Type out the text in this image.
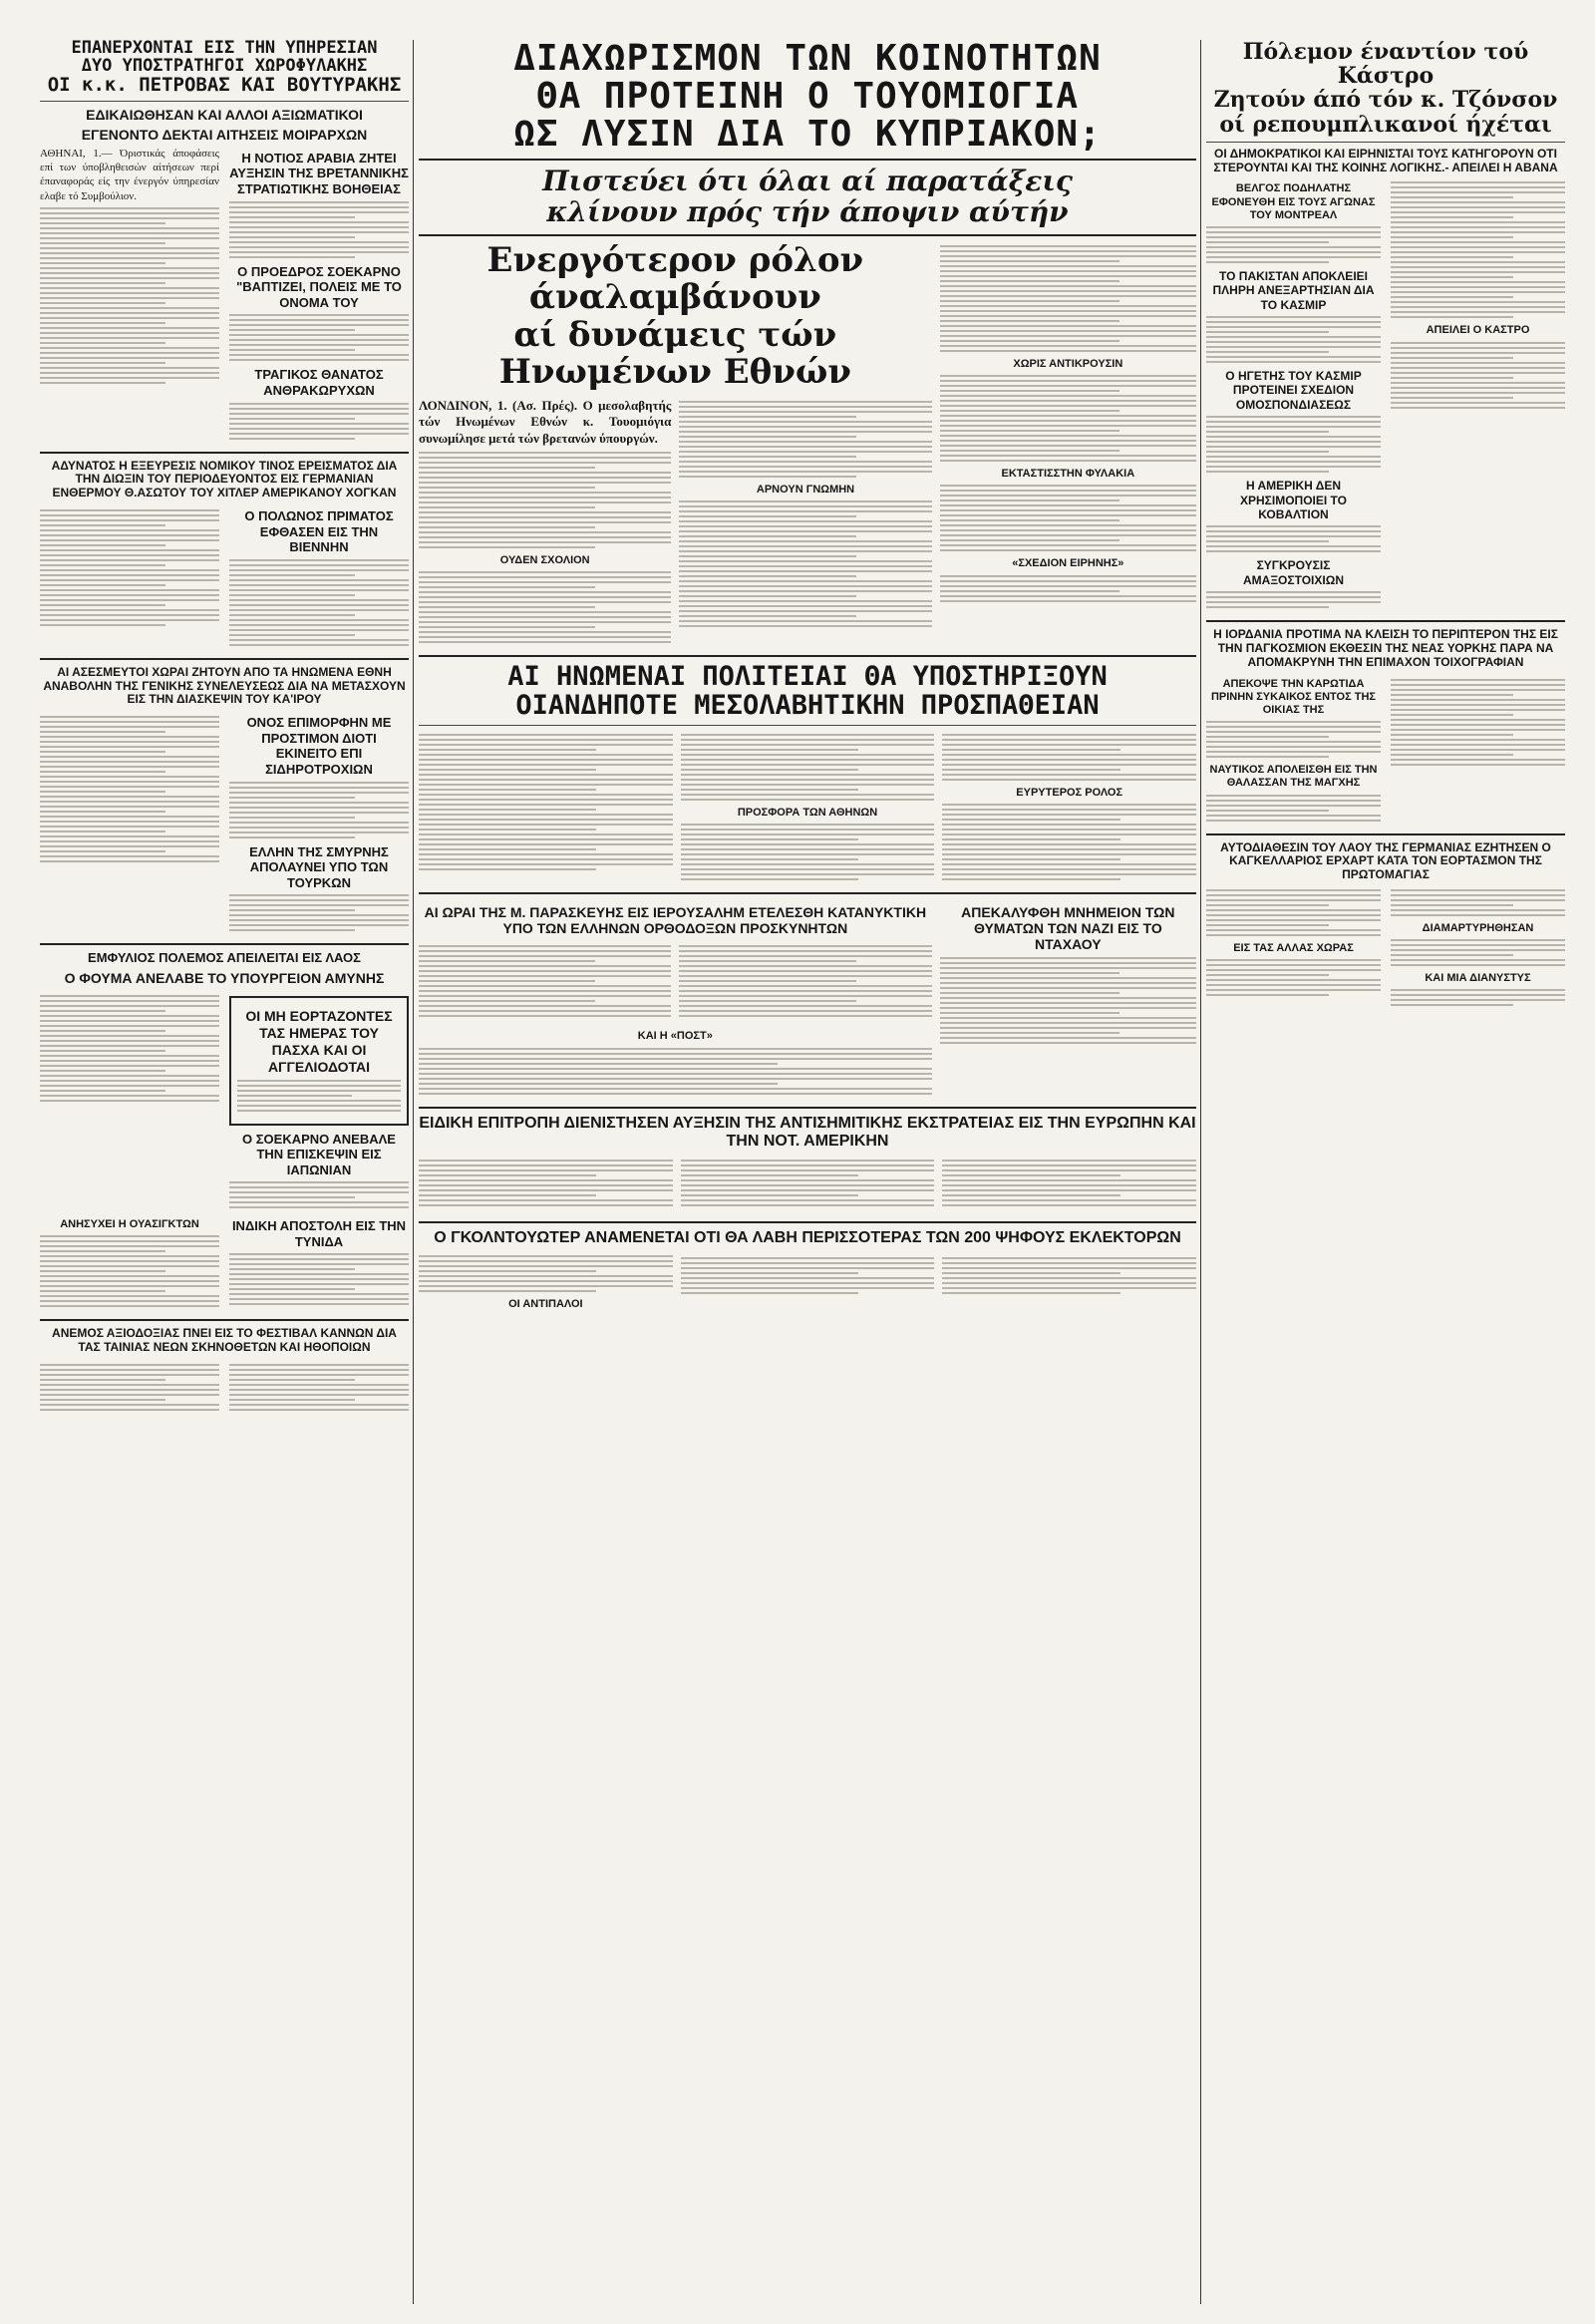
ΕΠΑΝΕΡΧΟΝΤΑΙ ΕΙΣ ΤΗΝ ΥΠΗΡΕΣΙΑΝ

ΔΥΟ ΥΠΟΣΤΡΑΤΗΓΟΙ ΧΩΡΟΦΥΛΑΚΗΣ

ΟΙ κ.κ. ΠΕΤΡΟΒΑΣ ΚΑΙ ΒΟΥΤΥΡΑΚΗΣ

ΕΔΙΚΑΙΩΘΗΣΑΝ ΚΑΙ ΑΛΛΟΙ ΑΞΙΩΜΑΤΙΚΟΙ

ΕΓΕΝΟΝΤΟ ΔΕΚΤΑΙ ΑΙΤΗΣΕΙΣ ΜΟΙΡΑΡΧΩΝ

ΑΘΗΝΑΙ, 1.— Όριστικάς άποφάσεις επί των ύποβληθεισών αίτήσεων περί έπαναφοράς είς την ένεργόν ύπηρεσίαν ελαβε τό Συμβούλιον.

Η ΝΟΤΙΟΣ ΑΡΑΒΙΑ ΖΗΤΕΙ ΑΥΞΗΣΙΝ ΤΗΣ ΒΡΕΤΑΝΝΙΚΗΣ ΣΤΡΑΤΙΩΤΙΚΗΣ ΒΟΗΘΕΙΑΣ

Ο ΠΡΟΕΔΡΟΣ ΣΟΕΚΑΡΝΟ "ΒΑΠΤΙΖΕΙ, ΠΟΛΕΙΣ ΜΕ ΤΟ ΟΝΟΜΑ ΤΟΥ

ΤΡΑΓΙΚΟΣ ΘΑΝΑΤΟΣ ΑΝΘΡΑΚΩΡΥΧΩΝ

ΑΔΥΝΑΤΟΣ Η ΕΞΕΥΡΕΣΙΣ ΝΟΜΙΚΟΥ ΤΙΝΟΣ ΕΡΕΙΣΜΑΤΟΣ ΔΙΑ ΤΗΝ ΔΙΩΞΙΝ ΤΟΥ ΠΕΡΙΟΔΕΥΟΝΤΟΣ ΕΙΣ ΓΕΡΜΑΝΙΑΝ ΕΝΘΕΡΜΟΥ Θ.ΑΣΩΤΟΥ ΤΟΥ ΧΙΤΛΕΡ ΑΜΕΡΙΚΑΝΟΥ ΧΟΓΚΑΝ

Ο ΠΟΛΩΝΟΣ ΠΡΙΜΑΤΟΣ ΕΦΘΑΣΕΝ ΕΙΣ ΤΗΝ ΒΙΕΝΝΗΝ

ΑΙ ΑΣΕΣΜΕΥΤΟΙ ΧΩΡΑΙ ΖΗΤΟΥΝ ΑΠΟ ΤΑ ΗΝΩΜΕΝΑ ΕΘΝΗ ΑΝΑΒΟΛΗΝ ΤΗΣ ΓΕΝΙΚΗΣ ΣΥΝΕΛΕΥΣΕΩΣ ΔΙΑ ΝΑ ΜΕΤΑΣΧΟΥΝ ΕΙΣ ΤΗΝ ΔΙΑΣΚΕΨΙΝ ΤΟΥ ΚΑ'ΙΡΟΥ

ΟΝΟΣ ΕΠΙΜΟΡΦΗΝ ΜΕ ΠΡΟΣΤΙΜΟΝ ΔΙΟΤΙ ΕΚΙΝΕΙΤΟ ΕΠΙ ΣΙΔΗΡΟΤΡΟΧΙΩΝ

ΕΛΛΗΝ ΤΗΣ ΣΜΥΡΝΗΣ ΑΠΟΛΑΥΝΕΙ ΥΠΟ ΤΩΝ ΤΟΥΡΚΩΝ

ΕΜΦΥΛΙΟΣ ΠΟΛΕΜΟΣ ΑΠΕΙΛΕΙΤΑΙ ΕΙΣ ΛΑΟΣ

Ο ΦΟΥΜΑ ΑΝΕΛΑΒΕ ΤΟ ΥΠΟΥΡΓΕΙΟΝ ΑΜΥΝΗΣ

ΟΙ ΜΗ ΕΟΡΤΑΖΟΝΤΕΣ ΤΑΣ ΗΜΕΡΑΣ ΤΟΥ ΠΑΣΧΑ ΚΑΙ ΟΙ ΑΓΓΕΛΙΟΔΟΤΑΙ

Ο ΣΟΕΚΑΡΝΟ ΑΝΕΒΑΛΕ ΤΗΝ ΕΠΙΣΚΕΨΙΝ ΕΙΣ ΙΑΠΩΝΙΑΝ

ΑΝΗΣΥΧΕΙ Η ΟΥΑΣΙΓΚΤΩΝ	ΙΝΔΙΚΗ ΑΠΟΣΤΟΛΗ ΕΙΣ ΤΗΝ ΤΥΝΙΔΑ

ΑΝΕΜΟΣ ΑΞΙΟΔΟΞΙΑΣ ΠΝΕΙ ΕΙΣ ΤΟ ΦΕΣΤΙΒΑΛ ΚΑΝΝΩΝ ΔΙΑ ΤΑΣ ΤΑΙΝΙΑΣ ΝΕΩΝ ΣΚΗΝΟΘΕΤΩΝ ΚΑΙ ΗΘΟΠΟΙΩΝ

ΔΙΑΧΩΡΙΣΜΟΝ ΤΩΝ ΚΟΙΝΟΤΗΤΩΝ

ΘΑ ΠΡΟΤΕΙΝΗ Ο ΤΟΥΟΜΙΟΓΙΑ

ΩΣ ΛΥΣΙΝ ΔΙΑ ΤΟ ΚΥΠΡΙΑΚΟΝ;

Πιστεύει ότι όλαι αί παρατάξεις

κλίνουν πρός τήν άποψιν αύτήν

Ενεργότερον ρόλον άναλαμβάνουν

αί δυνάμεις τών Ηνωμένων Εθνών

ΛΟΝΔΙΝΟΝ, 1. (Ασ. Πρές). Ο μεσολαβητής τών Ηνωμένων Εθνών κ. Τουομιόγια συνωμίλησε μετά τών βρετανών ύπουργών.

ΟΥΔΕΝ ΣΧΟΛΙΟΝ

ΑΡΝΟΥΝ ΓΝΩΜΗΝ

ΧΩΡΙΣ ΑΝΤΙΚΡΟΥΣΙΝ

ΕΚΤΑΣΤΙΣΣΤΗΝ ΦΥΛΑΚΙΑ

«ΣΧΕΔΙΟΝ ΕΙΡΗΝΗΣ»

ΑΙ ΗΝΩΜΕΝΑΙ ΠΟΛΙΤΕΙΑΙ ΘΑ ΥΠΟΣΤΗΡΙΞΟΥΝ

ΟΙΑΝΔΗΠΟΤΕ ΜΕΣΟΛΑΒΗΤΙΚΗΝ ΠΡΟΣΠΑΘΕΙΑΝ

ΠΡΟΣΦΟΡΑ ΤΩΝ ΑΘΗΝΩΝ

ΕΥΡΥΤΕΡΟΣ ΡΟΛΟΣ

ΑΙ ΩΡΑΙ ΤΗΣ Μ. ΠΑΡΑΣΚΕΥΗΣ ΕΙΣ ΙΕΡΟΥΣΑΛΗΜ ΕΤΕΛΕΣΘΗ ΚΑΤΑΝΥΚΤΙΚΗ ΥΠΟ ΤΩΝ ΕΛΛΗΝΩΝ ΟΡΘΟΔΟΞΩΝ ΠΡΟΣΚΥΝΗΤΩΝ

ΚΑΙ Η «ΠΟΣΤ»

ΑΠΕΚΑΛΥΦΘΗ ΜΝΗΜΕΙΟΝ ΤΩΝ ΘΥΜΑΤΩΝ ΤΩΝ ΝΑΖΙ ΕΙΣ ΤΟ ΝΤΑΧΑΟΥ

ΕΙΔΙΚΗ ΕΠΙΤΡΟΠΗ ΔΙΕΝΙΣΤΗΣΕΝ ΑΥΞΗΣΙΝ ΤΗΣ ΑΝΤΙΣΗΜΙΤΙΚΗΣ ΕΚΣΤΡΑΤΕΙΑΣ ΕΙΣ ΤΗΝ ΕΥΡΩΠΗΝ ΚΑΙ ΤΗΝ ΝΟΤ. ΑΜΕΡΙΚΗΝ

Ο ΓΚΟΛΝΤΟΥΩΤΕΡ ΑΝΑΜΕΝΕΤΑΙ ΟΤΙ ΘΑ ΛΑΒΗ ΠΕΡΙΣΣΟΤΕΡΑΣ ΤΩΝ 200 ΨΗΦΟΥΣ ΕΚΛΕΚΤΟΡΩΝ

ΟΙ ΑΝΤΙΠΑΛΟΙ

Πόλεμον έναντίον τού Κάστρο

Ζητούν άπό τόν κ. Τζόνσον

οί ρεπουμπλικανοί ήχέται

ΟΙ ΔΗΜΟΚΡΑΤΙΚΟΙ ΚΑΙ ΕΙΡΗΝΙΣΤΑΙ ΤΟΥΣ ΚΑΤΗΓΟΡΟΥΝ ΟΤΙ ΣΤΕΡΟΥΝΤΑΙ ΚΑΙ ΤΗΣ ΚΟΙΝΗΣ ΛΟΓΙΚΗΣ.- ΑΠΕΙΛΕΙ Η ΑΒΑΝΑ

ΒΕΛΓΟΣ ΠΟΔΗΛΑΤΗΣ ΕΦΟΝΕΥΘΗ ΕΙΣ ΤΟΥΣ ΑΓΩΝΑΣ ΤΟΥ ΜΟΝΤΡΕΑΛ

ΤΟ ΠΑΚΙΣΤΑΝ ΑΠΟΚΛΕΙΕΙ ΠΛΗΡΗ ΑΝΕΞΑΡΤΗΣΙΑΝ ΔΙΑ ΤΟ ΚΑΣΜΙΡ

Ο ΗΓΕΤΗΣ ΤΟΥ ΚΑΣΜΙΡ ΠΡΟΤΕΙΝΕΙ ΣΧΕΔΙΟΝ ΟΜΟΣΠΟΝΔΙΑΣΕΩΣ

Η ΑΜΕΡΙΚΗ ΔΕΝ ΧΡΗΣΙΜΟΠΟΙΕΙ ΤΟ ΚΟΒΑΛΤΙΟΝ

ΣΥΓΚΡΟΥΣΙΣ ΑΜΑΞΟΣΤΟΙΧΙΩΝ

ΑΠΕΙΛΕΙ Ο ΚΑΣΤΡΟ

Η ΙΟΡΔΑΝΙΑ ΠΡΟΤΙΜΑ ΝΑ ΚΛΕΙΣΗ ΤΟ ΠΕΡΙΠΤΕΡΟΝ ΤΗΣ ΕΙΣ ΤΗΝ ΠΑΓΚΟΣΜΙΟΝ ΕΚΘΕΣΙΝ ΤΗΣ ΝΕΑΣ ΥΟΡΚΗΣ ΠΑΡΑ ΝΑ ΑΠΟΜΑΚΡΥΝΗ ΤΗΝ ΕΠΙΜΑΧΟΝ ΤΟΙΧΟΓΡΑΦΙΑΝ

ΑΠΕΚΟΨΕ ΤΗΝ ΚΑΡΩΤΙΔΑ ΠΡΙΝΗΝ ΣΥΚΑΙΚΟΣ ΕΝΤΟΣ ΤΗΣ ΟΙΚΙΑΣ ΤΗΣ

ΝΑΥΤΙΚΟΣ ΑΠΟΛΕΙΣΘΗ ΕΙΣ ΤΗΝ ΘΑΛΑΣΣΑΝ ΤΗΣ ΜΑΓΧΗΣ

ΑΥΤΟΔΙΑΘΕΣΙΝ ΤΟΥ ΛΑΟΥ ΤΗΣ ΓΕΡΜΑΝΙΑΣ ΕΖΗΤΗΣΕΝ Ο ΚΑΓΚΕΛΛΑΡΙΟΣ ΕΡΧΑΡΤ ΚΑΤΑ ΤΟΝ ΕΟΡΤΑΣΜΟΝ ΤΗΣ ΠΡΩΤΟΜΑΓΙΑΣ

ΕΙΣ ΤΑΣ ΑΛΛΑΣ ΧΩΡΑΣ

ΔΙΑΜΑΡΤΥΡΗΘΗΣΑΝ

ΚΑΙ ΜΙΑ ΔΙΑΝΥΣΤΥΣ
